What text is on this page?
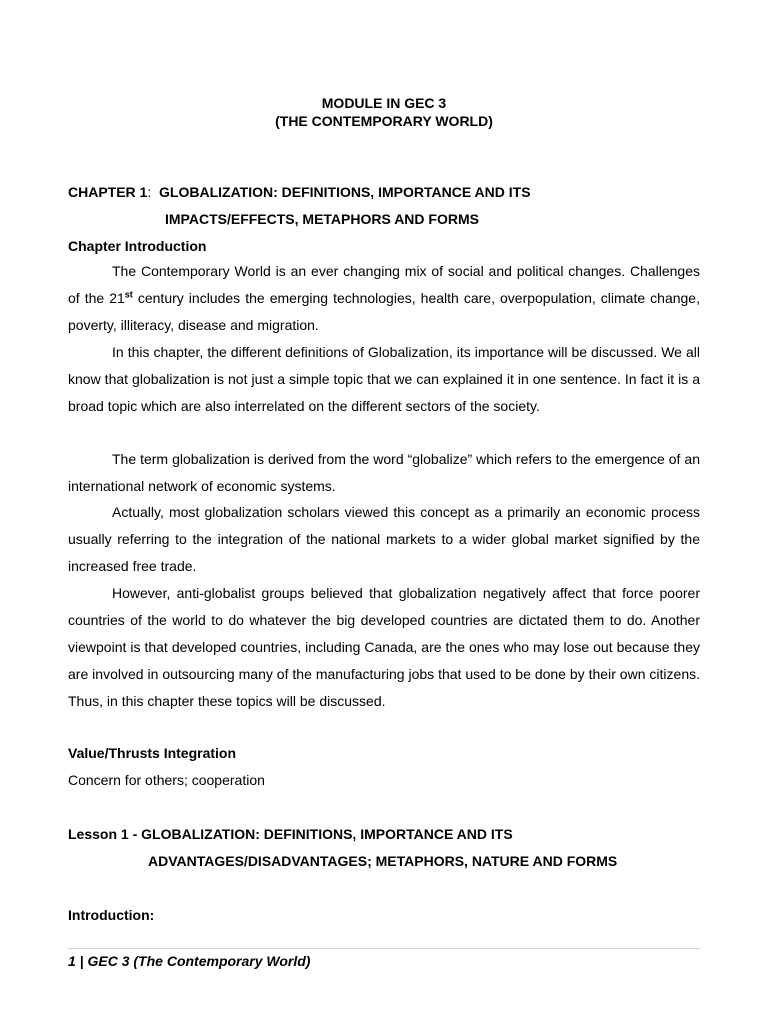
MODULE IN GEC 3
(THE CONTEMPORARY WORLD)
CHAPTER 1: GLOBALIZATION: DEFINITIONS, IMPORTANCE AND ITS
IMPACTS/EFFECTS, METAPHORS AND FORMS
Chapter Introduction

The Contemporary World is an ever changing mix of social and political changes. Challenges of the 21st century includes the emerging technologies, health care, overpopulation, climate change, poverty, illiteracy, disease and migration.

In this chapter, the different definitions of Globalization, its importance will be discussed. We all know that globalization is not just a simple topic that we can explained it in one sentence. In fact it is a broad topic which are also interrelated on the different sectors of the society.

The term globalization is derived from the word “globalize” which refers to the emergence of an international network of economic systems.

Actually, most globalization scholars viewed this concept as a primarily an economic process usually referring to the integration of the national markets to a wider global market signified by the increased free trade.

However, anti-globalist groups believed that globalization negatively affect that force poorer countries of the world to do whatever the big developed countries are dictated them to do. Another viewpoint is that developed countries, including Canada, are the ones who may lose out because they are involved in outsourcing many of the manufacturing jobs that used to be done by their own citizens. Thus, in this chapter these topics will be discussed.

Value/Thrusts Integration
Concern for others; cooperation
Lesson 1 - GLOBALIZATION: DEFINITIONS, IMPORTANCE AND ITS
ADVANTAGES/DISADVANTAGES; METAPHORS, NATURE AND FORMS
Introduction:
1 | GEC 3 (The Contemporary World)
